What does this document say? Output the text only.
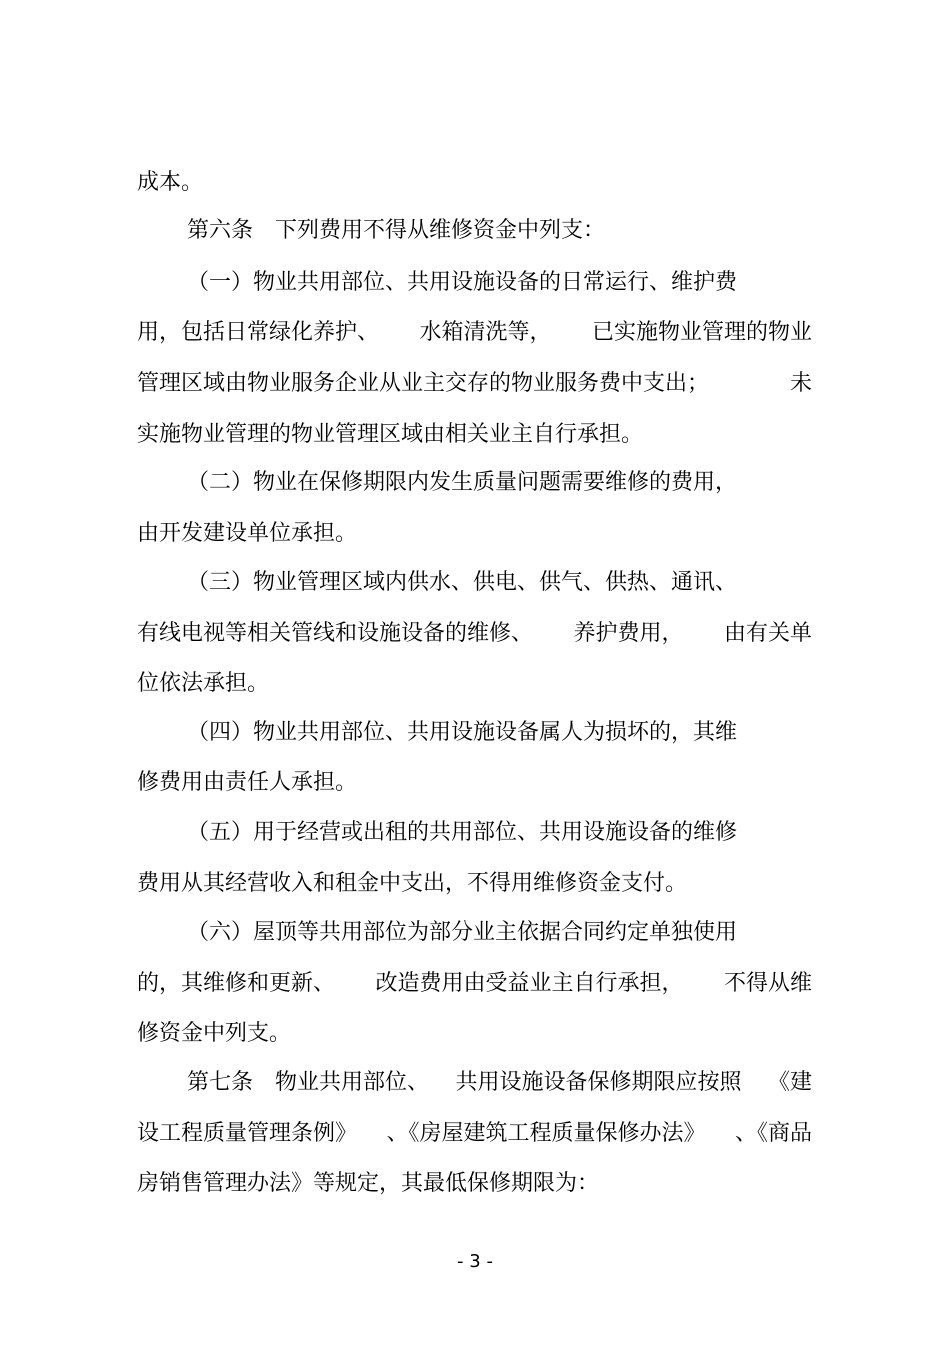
成本。
第六条　下列费用不得从维修资金中列支：
（一）物业共用部位、共用设施设备的日常运行、维护费
用，包括日常绿化养护、 水箱清洗等， 已实施物业管理的物业
管理区域由物业服务企业从业主交存的物业服务费中支出；	未
实施物业管理的物业管理区域由相关业主自行承担。
（二）物业在保修期限内发生质量问题需要维修的费用，
由开发建设单位承担。
（三）物业管理区域内供水、供电、供气、供热、通讯、
有线电视等相关管线和设施设备的维修、 养护费用， 由有关单
位依法承担。
（四）物业共用部位、共用设施设备属人为损坏的，其维
修费用由责任人承担。
（五）用于经营或出租的共用部位、共用设施设备的维修
费用从其经营收入和租金中支出，不得用维修资金支付。
（六）屋顶等共用部位为部分业主依据合同约定单独使用
的，其维修和更新、 改造费用由受益业主自行承担， 不得从维
修资金中列支。
第七条　物业共用部位、 共用设施设备保修期限应按照 《建
设工程质量管理条例》 、《房屋建筑工程质量保修办法》 、《商品
房销售管理办法》等规定，其最低保修期限为：
- 3 -
